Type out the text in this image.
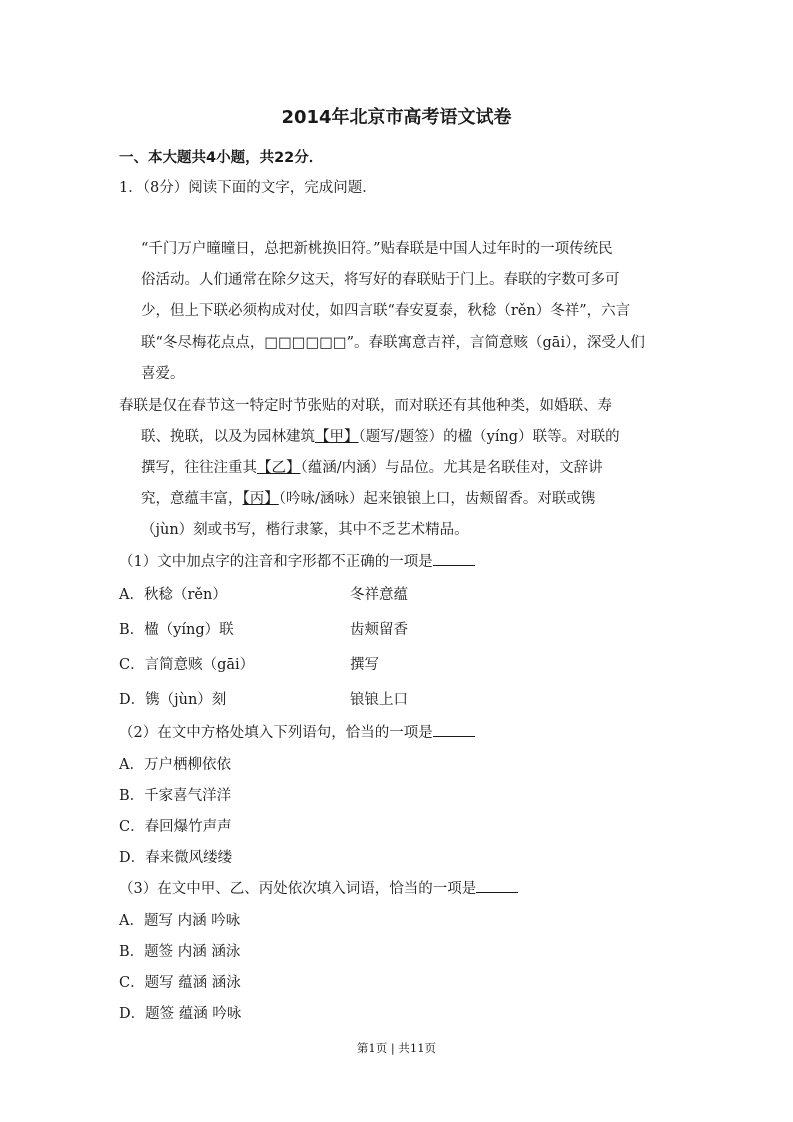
2014年北京市高考语文试卷
一、本大题共4小题，共22分．
1．（8分）阅读下面的文字，完成问题．
“千门万户曈曈日，总把新桃换旧符。”贴春联是中国人过年时的一项传统民
俗活动。人们通常在除夕这天，将写好的春联贴于门上。春联的字数可多可
少，但上下联必须构成对仗，如四言联“春安夏泰，秋稔（rěn）冬祥”，六言
联“冬尽梅花点点，□□□□□□”。春联寓意吉祥，言简意赅（gāi），深受人们
喜爱。
春联是仅在春节这一特定时节张贴的对联，而对联还有其他种类，如婚联、寿
联、挽联，以及为园林建筑【甲】（题写/题签）的楹（yíng）联等。对联的
撰写，往往注重其【乙】（蕴涵/内涵）与品位。尤其是名联佳对，文辞讲
究，意蕴丰富，【丙】（吟咏/涵咏）起来锒锒上口，齿颊留香。对联或镌
（jùn）刻或书写，楷行隶篆，其中不乏艺术精品。
（1）文中加点字的注音和字形都不正确的一项是
A．秋稔（rěn）	冬祥意蕴
B．楹（yíng）联	齿颊留香
C．言简意赅（gāi）	撰写
D．镌（jùn）刻	锒锒上口
（2）在文中方格处填入下列语句，恰当的一项是
A．万户栖柳依依
B．千家喜气洋洋
C．春回爆竹声声
D．春来微风缕缕
（3）在文中甲、乙、丙处依次填入词语，恰当的一项是
A．题写 内涵 吟咏
B．题签 内涵 涵泳
C．题写 蕴涵 涵泳
D．题签 蕴涵 吟咏
第1页 | 共11页
